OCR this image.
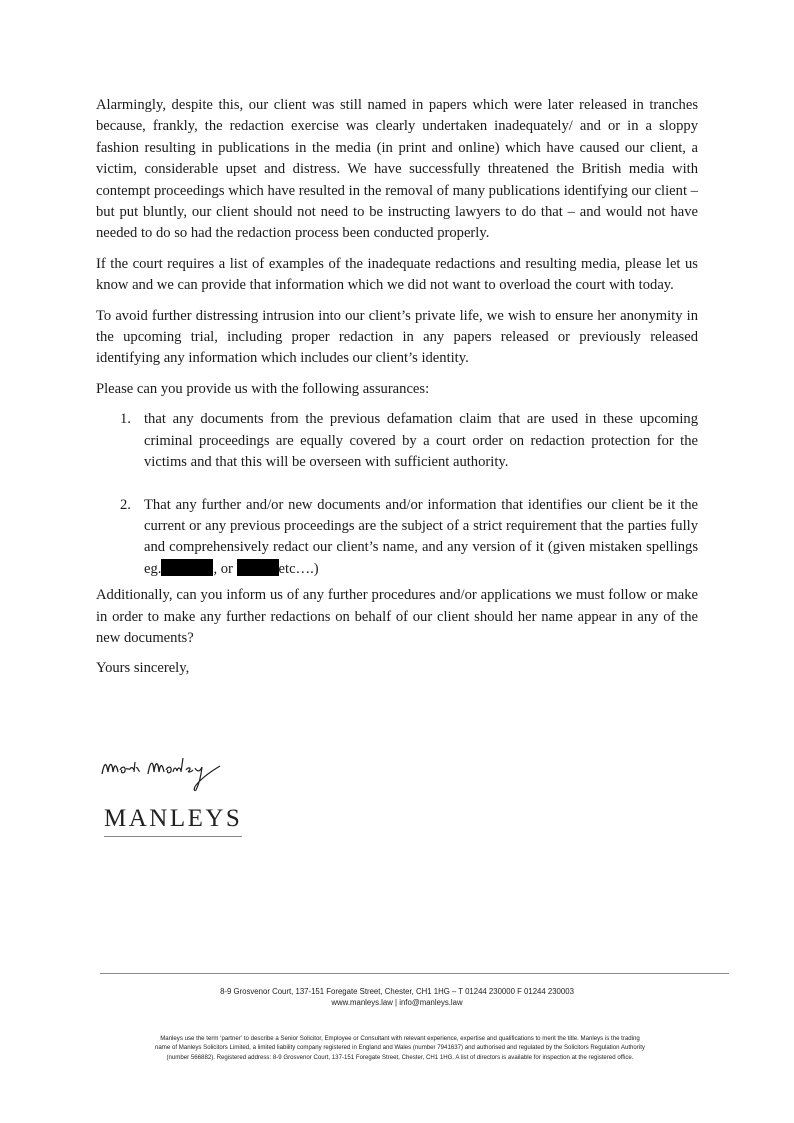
Alarmingly, despite this, our client was still named in papers which were later released in tranches because, frankly, the redaction exercise was clearly undertaken inadequately/ and or in a sloppy fashion resulting in publications in the media (in print and online) which have caused our client, a victim, considerable upset and distress. We have successfully threatened the British media with contempt proceedings which have resulted in the removal of many publications identifying our client – but put bluntly, our client should not need to be instructing lawyers to do that – and would not have needed to do so had the redaction process been conducted properly.

If the court requires a list of examples of the inadequate redactions and resulting media, please let us know and we can provide that information which we did not want to overload the court with today.

To avoid further distressing intrusion into our client’s private life, we wish to ensure her anonymity in the upcoming trial, including proper redaction in any papers released or previously released identifying any information which includes our client’s identity.

Please can you provide us with the following assurances:

1. that any documents from the previous defamation claim that are used in these upcoming criminal proceedings are equally covered by a court order on redaction protection for the victims and that this will be overseen with sufficient authority.
2. That any further and/or new documents and/or information that identifies our client be it the current or any previous proceedings are the subject of a strict requirement that the parties fully and comprehensively redact our client’s name, and any version of it (given mistaken spellings eg.	, or	etc….)

Additionally, can you inform us of any further procedures and/or applications we must follow or make in order to make any further redactions on behalf of our client should her name appear in any of the new documents?

Yours sincerely,

MANLEYS
8-9 Grosvenor Court, 137-151 Foregate Street, Chester, CH1 1HG – T 01244 230000 F 01244 230003
www.manleys.law | info@manleys.law
Manleys use the term ‘partner’ to describe a Senior Solicitor, Employee or Consultant with relevant experience, expertise and qualifications to merit the title. Manleys is the trading
name of Manleys Solicitors Limited, a limited liability company registered in England and Wales (number 7941637) and authorised and regulated by the Solicitors Regulation Authority
(number 566882). Registered address: 8-9 Grosvenor Court, 137-151 Foregate Street, Chester, CH1 1HG. A list of directors is available for inspection at the registered office.
